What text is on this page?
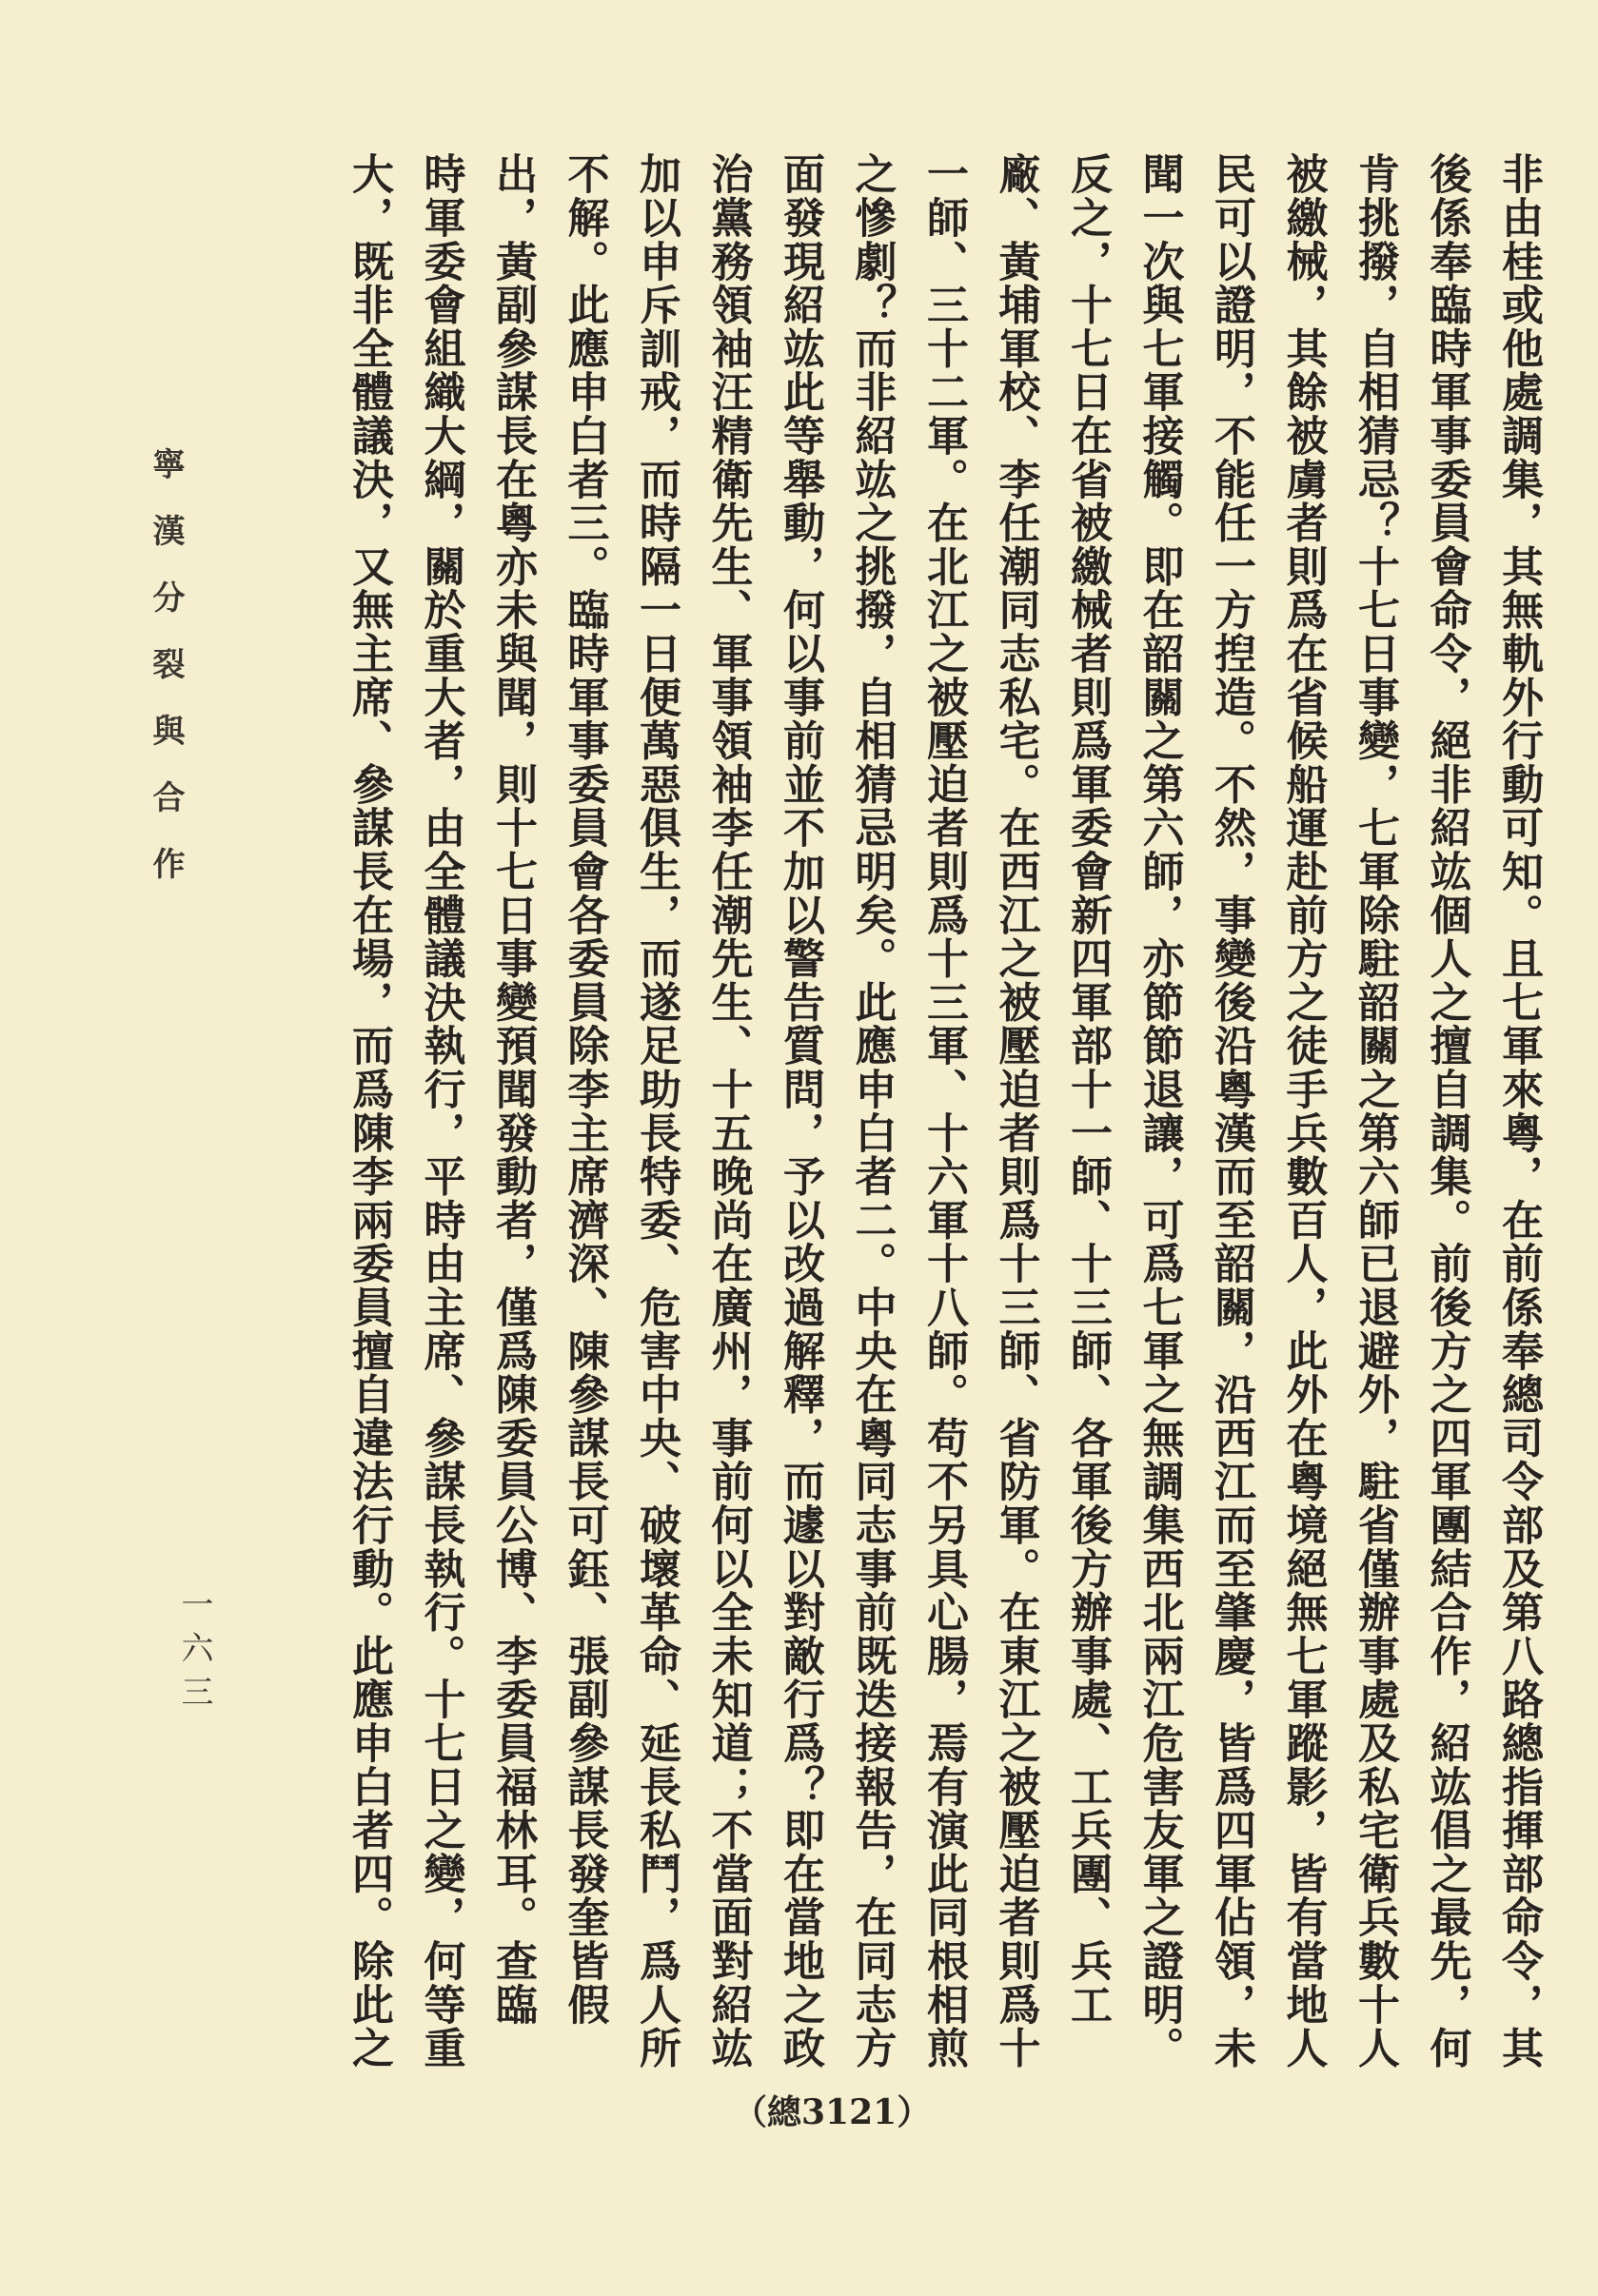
非由桂或他處調集，其無軌外行動可知。且七軍來粵，在前係奉總司令部及第八路總指揮部命令，其
後係奉臨時軍事委員會命令，絕非紹竑個人之擅自調集。前後方之四軍團結合作，紹竑倡之最先，何
肯挑撥，自相猜忌？十七日事變，七軍除駐韶關之第六師已退避外，駐省僅辦事處及私宅衛兵數十人
被繳械，其餘被虜者則爲在省候船運赴前方之徒手兵數百人，此外在粵境絕無七軍蹤影，皆有當地人
民可以證明，不能任一方揑造。不然，事變後沿粵漢而至韶關，沿西江而至肇慶，皆爲四軍佔領，未
聞一次與七軍接觸。即在韶關之第六師，亦節節退讓，可爲七軍之無調集西北兩江危害友軍之證明。
反之，十七日在省被繳械者則爲軍委會新四軍部十一師、十三師、各軍後方辦事處、工兵團、兵工
廠、黃埔軍校、李任潮同志私宅。在西江之被壓迫者則爲十三師、省防軍。在東江之被壓迫者則爲十
一師、三十二軍。在北江之被壓迫者則爲十三軍、十六軍十八師。苟不另具心腸，焉有演此同根相煎
之慘劇？而非紹竑之挑撥，自相猜忌明矣。此應申白者二。中央在粵同志事前既迭接報告，在同志方
面發現紹竑此等舉動，何以事前並不加以警告質問，予以改過解釋，而遽以對敵行爲？即在當地之政
治黨務領袖汪精衛先生、軍事領袖李任潮先生、十五晚尚在廣州，事前何以全未知道；不當面對紹竑
加以申斥訓戒，而時隔一日便萬惡俱生，而遂足助長特委、危害中央、破壞革命、延長私鬥，爲人所
不解。此應申白者三。臨時軍事委員會各委員除李主席濟深、陳參謀長可鈺、張副參謀長發奎皆假
出，黃副參謀長在粵亦未與聞，則十七日事變預聞發動者，僅爲陳委員公博、李委員福林耳。查臨
時軍委會組織大綱，關於重大者，由全體議決執行，平時由主席、參謀長執行。十七日之變，何等重
大，既非全體議決，又無主席、參謀長在場，而爲陳李兩委員擅自違法行動。此應申白者四。除此之
寧漢分裂與合作
一六三
（總3121）
